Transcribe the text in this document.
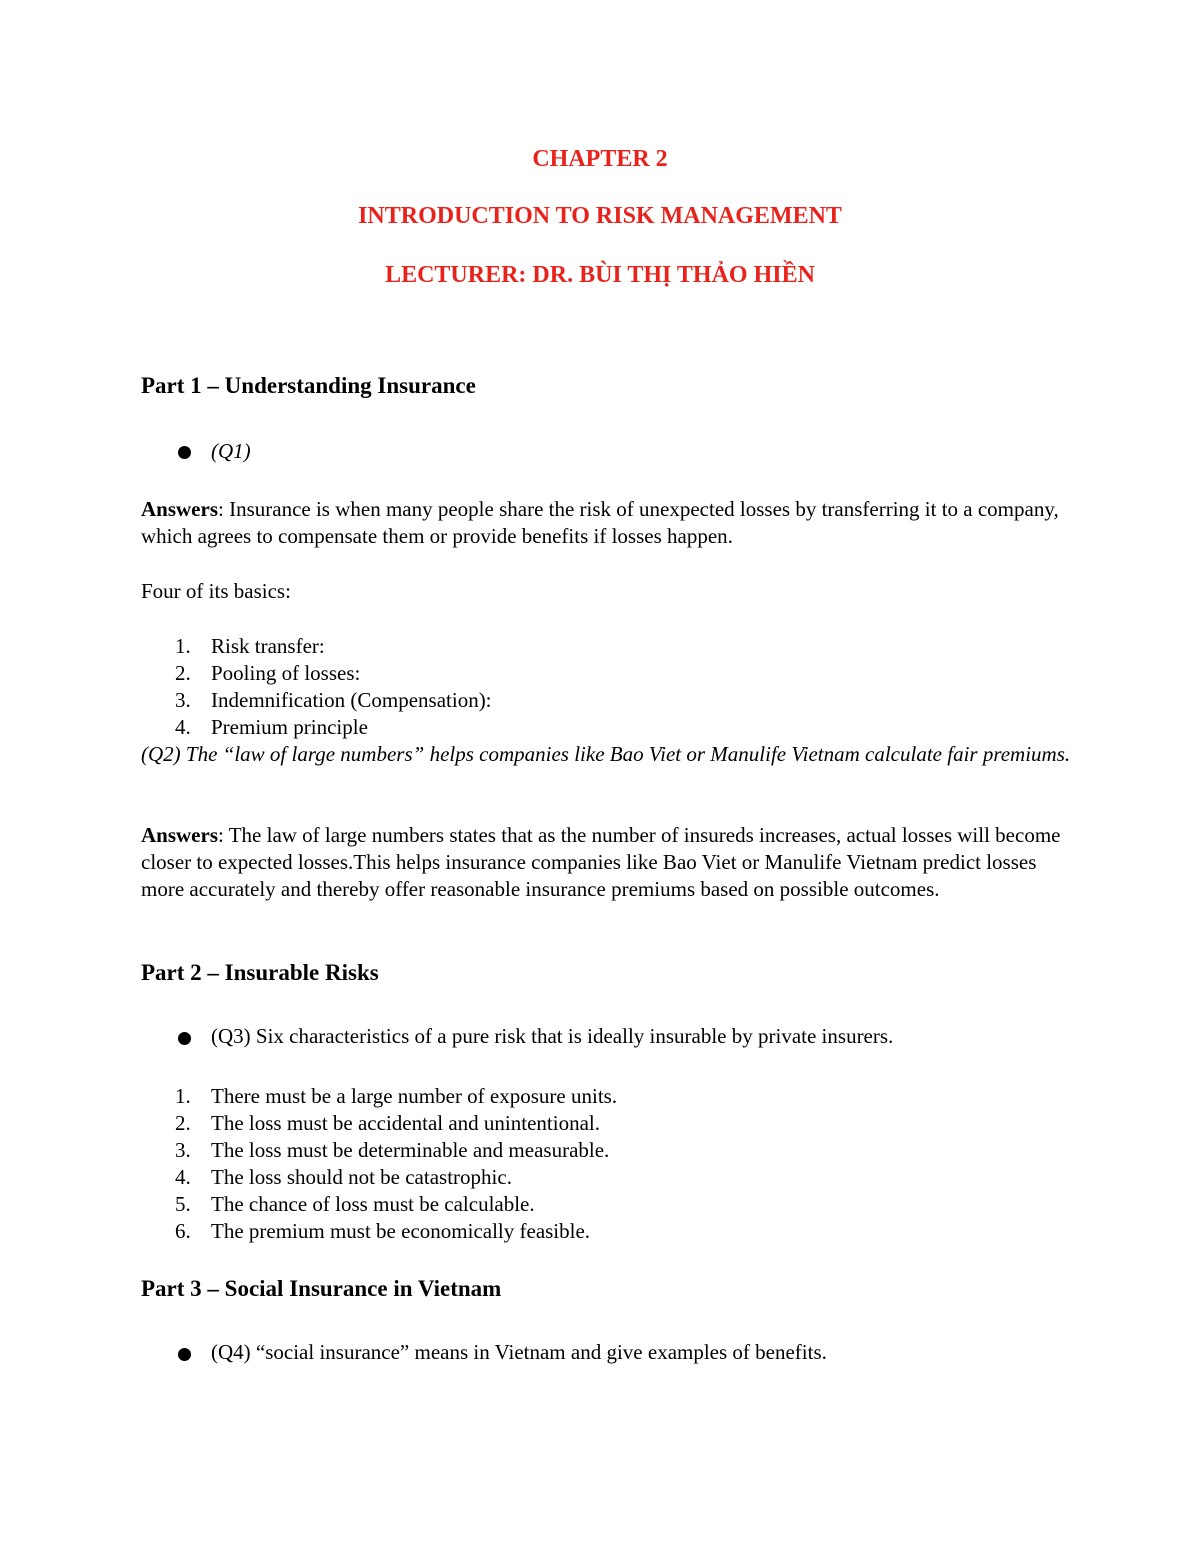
CHAPTER 2
INTRODUCTION TO RISK MANAGEMENT
LECTURER: DR. BÙI THỊ THẢO HIỀN
Part 1 – Understanding Insurance
(Q1)
Answers: Insurance is when many people share the risk of unexpected losses by transferring it to a company, which agrees to compensate them or provide benefits if losses happen.
Four of its basics:
1. Risk transfer:
2. Pooling of losses:
3. Indemnification (Compensation):
4. Premium principle
(Q2) The “law of large numbers” helps companies like Bao Viet or Manulife Vietnam calculate fair premiums.
Answers: The law of large numbers states that as the number of insureds increases, actual losses will become closer to expected losses.This helps insurance companies like Bao Viet or Manulife Vietnam predict losses more accurately and thereby offer reasonable insurance premiums based on possible outcomes.
Part 2 – Insurable Risks
(Q3) Six characteristics of a pure risk that is ideally insurable by private insurers.
1. There must be a large number of exposure units.
2. The loss must be accidental and unintentional.
3. The loss must be determinable and measurable.
4. The loss should not be catastrophic.
5. The chance of loss must be calculable.
6. The premium must be economically feasible.
Part 3 – Social Insurance in Vietnam
(Q4) “social insurance” means in Vietnam and give examples of benefits.
